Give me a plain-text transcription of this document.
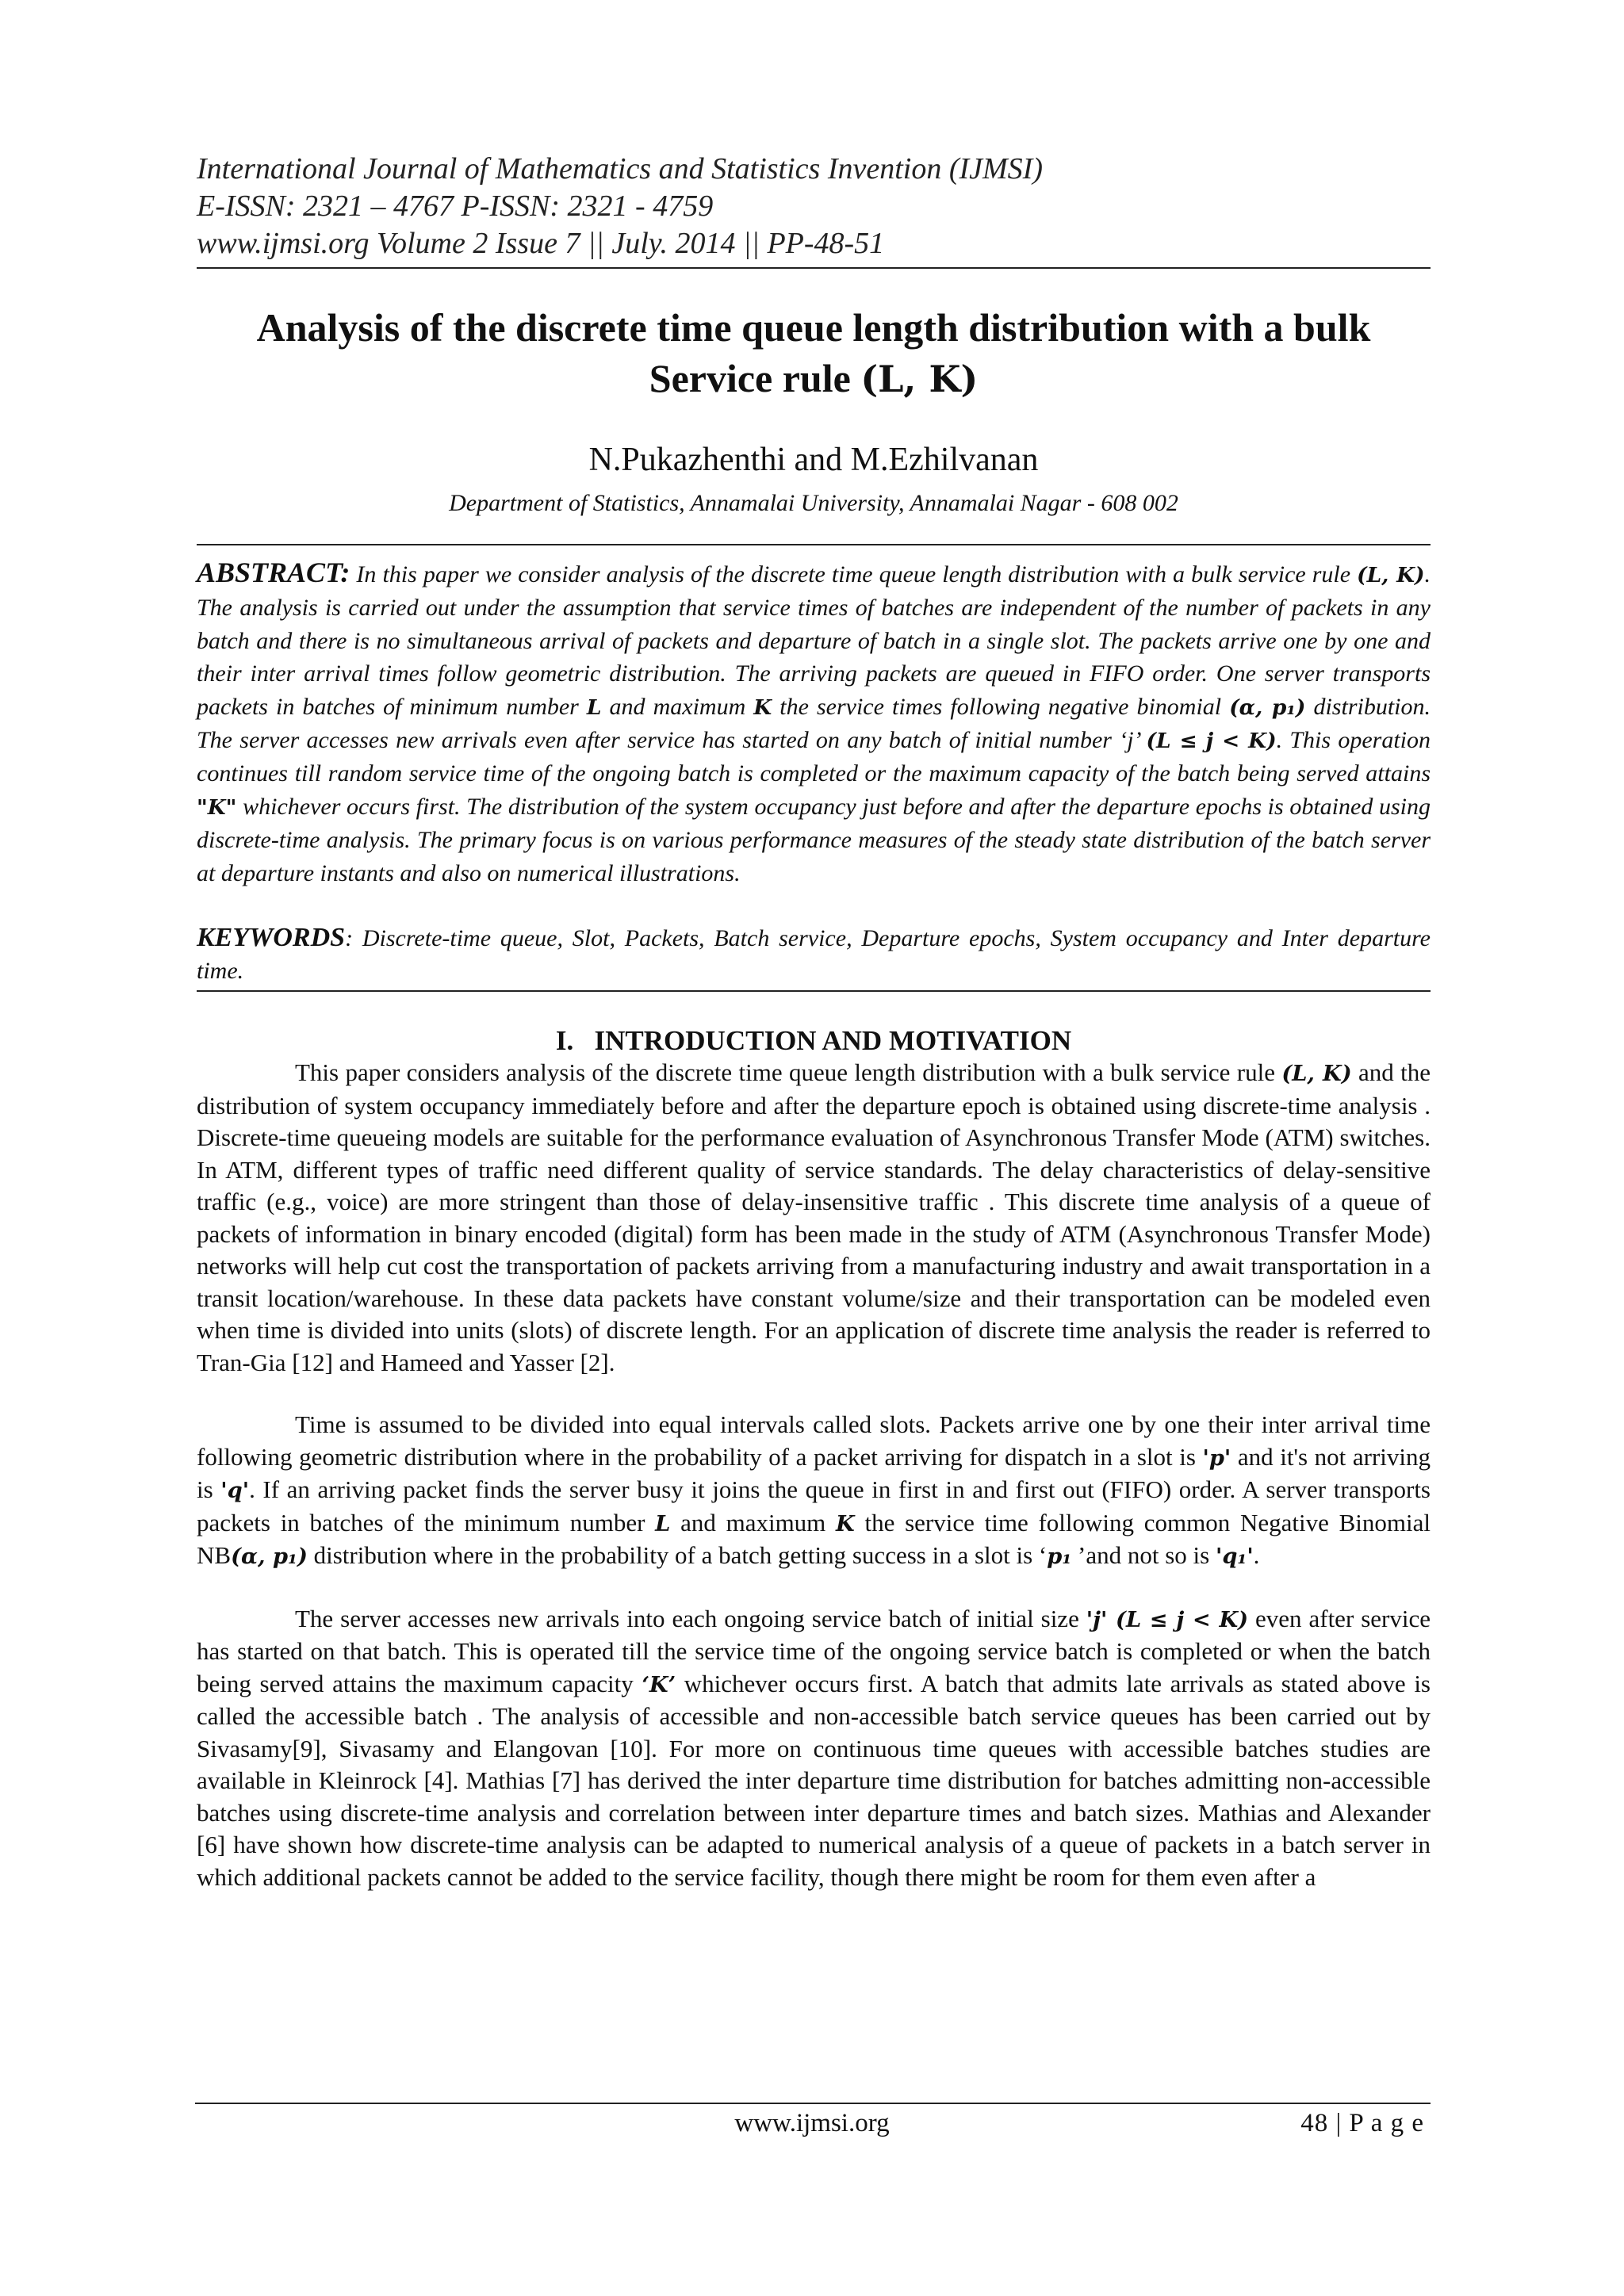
International Journal of Mathematics and Statistics Invention (IJMSI)
E-ISSN: 2321 – 4767 P-ISSN: 2321 - 4759
www.ijmsi.org Volume 2 Issue 7 || July. 2014 || PP-48-51
Analysis of the discrete time queue length distribution with a bulk
Service rule (L, K)
N.Pukazhenthi and M.Ezhilvanan
Department of Statistics, Annamalai University, Annamalai Nagar - 608 002
ABSTRACT: In this paper we consider analysis of the discrete time queue length distribution with a bulk service rule (L, K). The analysis is carried out under the assumption that service times of batches are independent of the number of packets in any batch and there is no simultaneous arrival of packets and departure of batch in a single slot. The packets arrive one by one and their inter arrival times follow geometric distribution. The arriving packets are queued in FIFO order. One server transports packets in batches of minimum number L and maximum K the service times following negative binomial (α, p₁) distribution. The server accesses new arrivals even after service has started on any batch of initial number ‘j’ (L ≤ j < K). This operation continues till random service time of the ongoing batch is completed or the maximum capacity of the batch being served attains "K" whichever occurs first. The distribution of the system occupancy just before and after the departure epochs is obtained using discrete-time analysis. The primary focus is on various performance measures of the steady state distribution of the batch server at departure instants and also on numerical illustrations.
KEYWORDS: Discrete-time queue, Slot, Packets, Batch service, Departure epochs, System occupancy and Inter departure time.
I. INTRODUCTION AND MOTIVATION

This paper considers analysis of the discrete time queue length distribution with a bulk service rule (L, K) and the distribution of system occupancy immediately before and after the departure epoch is obtained using discrete-time analysis . Discrete-time queueing models are suitable for the performance evaluation of Asynchronous Transfer Mode (ATM) switches. In ATM, different types of traffic need different quality of service standards. The delay characteristics of delay-sensitive traffic (e.g., voice) are more stringent than those of delay-insensitive traffic . This discrete time analysis of a queue of packets of information in binary encoded (digital) form has been made in the study of ATM (Asynchronous Transfer Mode) networks will help cut cost the transportation of packets arriving from a manufacturing industry and await transportation in a transit location/warehouse. In these data packets have constant volume/size and their transportation can be modeled even when time is divided into units (slots) of discrete length. For an application of discrete time analysis the reader is referred to Tran-Gia [12] and Hameed and Yasser [2].

Time is assumed to be divided into equal intervals called slots. Packets arrive one by one their inter arrival time following geometric distribution where in the probability of a packet arriving for dispatch in a slot is 'p' and it's not arriving is 'q'. If an arriving packet finds the server busy it joins the queue in first in and first out (FIFO) order. A server transports packets in batches of the minimum number L and maximum K the service time following common Negative Binomial NB(α, p₁) distribution where in the probability of a batch getting success in a slot is ‘p₁ ’and not so is 'q₁'.

The server accesses new arrivals into each ongoing service batch of initial size 'j' (L ≤ j < K) even after service has started on that batch. This is operated till the service time of the ongoing service batch is completed or when the batch being served attains the maximum capacity ‘K’ whichever occurs first. A batch that admits late arrivals as stated above is called the accessible batch . The analysis of accessible and non-accessible batch service queues has been carried out by Sivasamy[9], Sivasamy and Elangovan [10]. For more on continuous time queues with accessible batches studies are available in Kleinrock [4]. Mathias [7] has derived the inter departure time distribution for batches admitting non-accessible batches using discrete-time analysis and correlation between inter departure times and batch sizes. Mathias and Alexander [6] have shown how discrete-time analysis can be adapted to numerical analysis of a queue of packets in a batch server in which additional packets cannot be added to the service facility, though there might be room for them even after a

www.ijmsi.org	48 | P a g e
